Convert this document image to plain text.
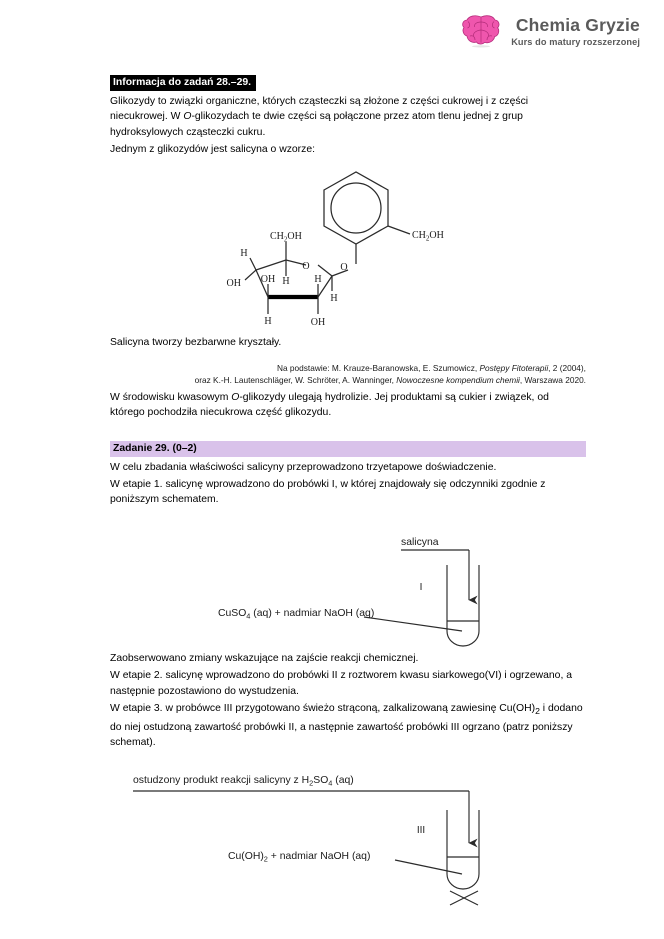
Chemia Gryzie
Kurs do matury rozszerzonej
Informacja do zadań 28.–29.

Glikozydy to związki organiczne, których cząsteczki są złożone z części cukrowej i z części niecukrowej. W O-glikozydach te dwie części są połączone przez atom tlenu jednej z grup hydroksylowych cząsteczki cukru.

Jednym z glikozydów jest salicyna o wzorze:

$CH_2OH$
$CH_2OH$
O	O
H
OH	H
OH
H
H
OH
H

Salicyna tworzy bezbarwne kryształy.

Na podstawie: M. Krauze-Baranowska, E. Szumowicz, Postępy Fitoterapii, 2 (2004),
oraz K.-H. Lautenschläger, W. Schröter, A. Wanninger, Nowoczesne kompendium chemii, Warszawa 2020.

W środowisku kwasowym O-glikozydy ulegają hydrolizie. Jej produktami są cukier i związek, od którego pochodziła niecukrowa część glikozydu.

Zadanie 29. (0–2)

W celu zbadania właściwości salicyny przeprowadzono trzyetapowe doświadczenie.

W etapie 1. salicynę wprowadzono do probówki I, w której znajdowały się odczynniki zgodnie z poniższym schematem.

salicyna
I
CuSO$_4$ (aq) + nadmiar NaOH (aq)

Zaobserwowano zmiany wskazujące na zajście reakcji chemicznej.

W etapie 2. salicynę wprowadzono do probówki II z roztworem kwasu siarkowego(VI) i ogrzewano, a następnie pozostawiono do wystudzenia.

W etapie 3. w probówce III przygotowano świeżo strąconą, zalkalizowaną zawiesinę $Cu(OH)_2$ i dodano do niej ostudzoną zawartość probówki II, a następnie zawartość probówki III ogrzano (patrz poniższy schemat).

ostudzony produkt reakcji salicyny z $H_2SO_4$ (aq)
III
$Cu(OH)_2$ + nadmiar NaOH (aq)
